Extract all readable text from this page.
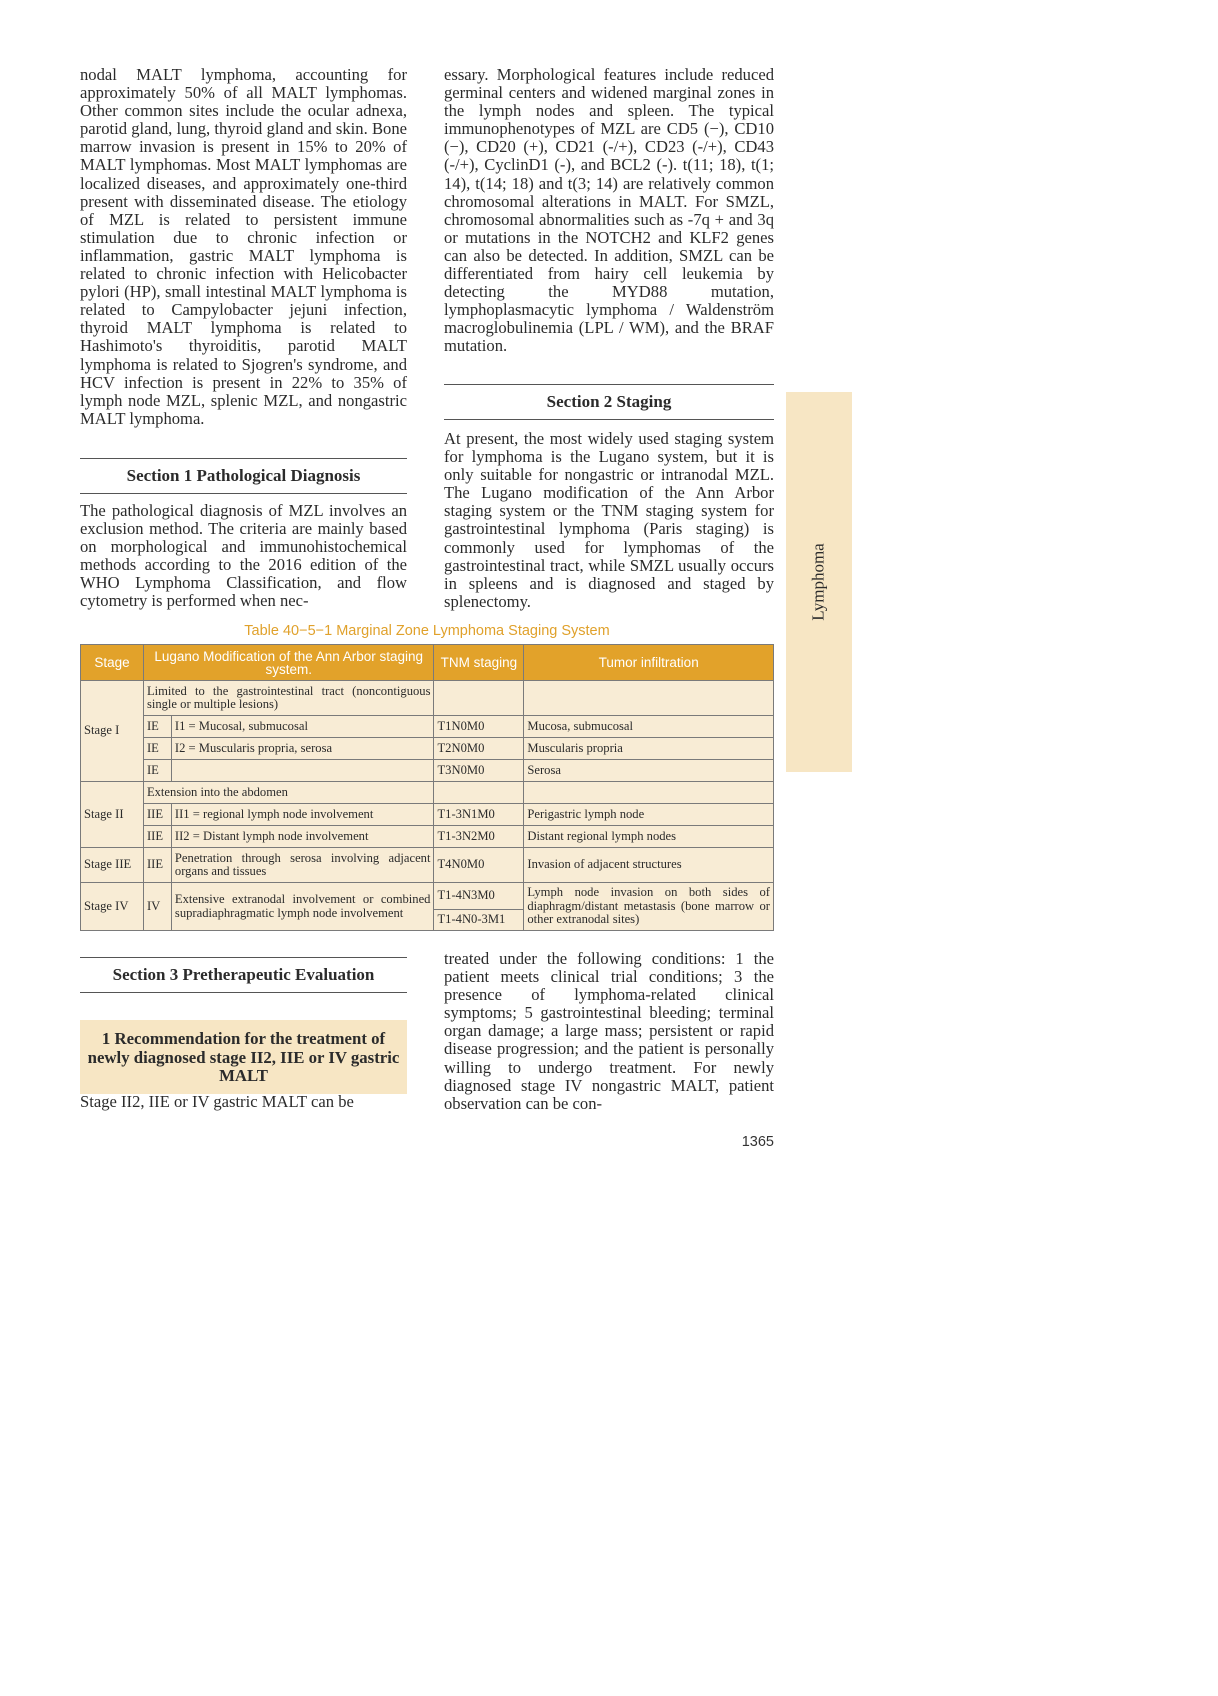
nodal MALT lymphoma, accounting for approximately 50% of all MALT lymphomas. Other common sites include the ocular adnexa, parotid gland, lung, thyroid gland and skin. Bone marrow invasion is present in 15% to 20% of MALT lymphomas. Most MALT lymphomas are localized diseases, and approximately one-third present with disseminated disease. The etiology of MZL is related to persistent immune stimulation due to chronic infection or inflammation, gastric MALT lymphoma is related to chronic infection with Helicobacter pylori (HP), small intestinal MALT lymphoma is related to Campylobacter jejuni infection, thyroid MALT lymphoma is related to Hashimoto's thyroiditis, parotid MALT lymphoma is related to Sjogren's syndrome, and HCV infection is present in 22% to 35% of lymph node MZL, splenic MZL, and nongastric MALT lymphoma.

Section 1 Pathological Diagnosis

The pathological diagnosis of MZL involves an exclusion method. The criteria are mainly based on morphological and immunohistochemical methods according to the 2016 edition of the WHO Lymphoma Classification, and flow cytometry is performed when nec-

essary. Morphological features include reduced germinal centers and widened marginal zones in the lymph nodes and spleen. The typical immunophenotypes of MZL are CD5 (−), CD10 (−), CD20 (+), CD21 (-/+), CD23 (-/+), CD43 (-/+), CyclinD1 (-), and BCL2 (-). t(11; 18), t(1; 14), t(14; 18) and t(3; 14) are relatively common chromosomal alterations in MALT. For SMZL, chromosomal abnormalities such as -7q + and 3q or mutations in the NOTCH2 and KLF2 genes can also be detected. In addition, SMZL can be differentiated from hairy cell leukemia by detecting the MYD88 mutation, lymphoplasmacytic lymphoma / Waldenström macroglobulinemia (LPL / WM), and the BRAF mutation.

Section 2 Staging

At present, the most widely used staging system for lymphoma is the Lugano system, but it is only suitable for nongastric or intranodal MZL. The Lugano modification of the Ann Arbor staging system or the TNM staging system for gastrointestinal lymphoma (Paris staging) is commonly used for lymphomas of the gastrointestinal tract, while SMZL usually occurs in spleens and is diagnosed and staged by splenectomy.	Lymphoma
Table 40−5−1 Marginal Zone Lymphoma Staging System
Stage	Lugano Modification of the Ann Arbor staging system.		TNM staging	Tumor infiltration
Stage I	Limited to the gastrointestinal tract (noncontiguous single or multiple lesions)			
	IE	I1 = Mucosal, submucosal	T1N0M0	Mucosa, submucosal
	IE	I2 = Muscularis propria, serosa	T2N0M0	Muscularis propria
	IE		T3N0M0	Serosa
Stage II	Extension into the abdomen			
	IIE	II1 = regional lymph node involvement	T1-3N1M0	Perigastric lymph node
	IIE	II2 = Distant lymph node involvement	T1-3N2M0	Distant regional lymph nodes
Stage IIE	IIE	Penetration through serosa involving adjacent organs and tissues	T4N0M0	Invasion of adjacent structures
Stage IV	IV	Extensive extranodal involvement or combined supradiaphragmatic lymph node involvement	T1-4N3M0	Lymph node invasion on both sides of diaphragm/distant metastasis (bone marrow or other extranodal sites)
			T1-4N0-3M1	
Section 3 Pretherapeutic Evaluation
1 Recommendation for the treatment of newly diagnosed stage II2, IIE or IV gastric MALT

Stage II2, IIE or IV gastric MALT can be

treated under the following conditions: 1 the patient meets clinical trial conditions; 3 the presence of lymphoma-related clinical symptoms; 5 gastrointestinal bleeding; terminal organ damage; a large mass; persistent or rapid disease progression; and the patient is personally willing to undergo treatment. For newly diagnosed stage IV nongastric MALT, patient observation can be con-

1365
